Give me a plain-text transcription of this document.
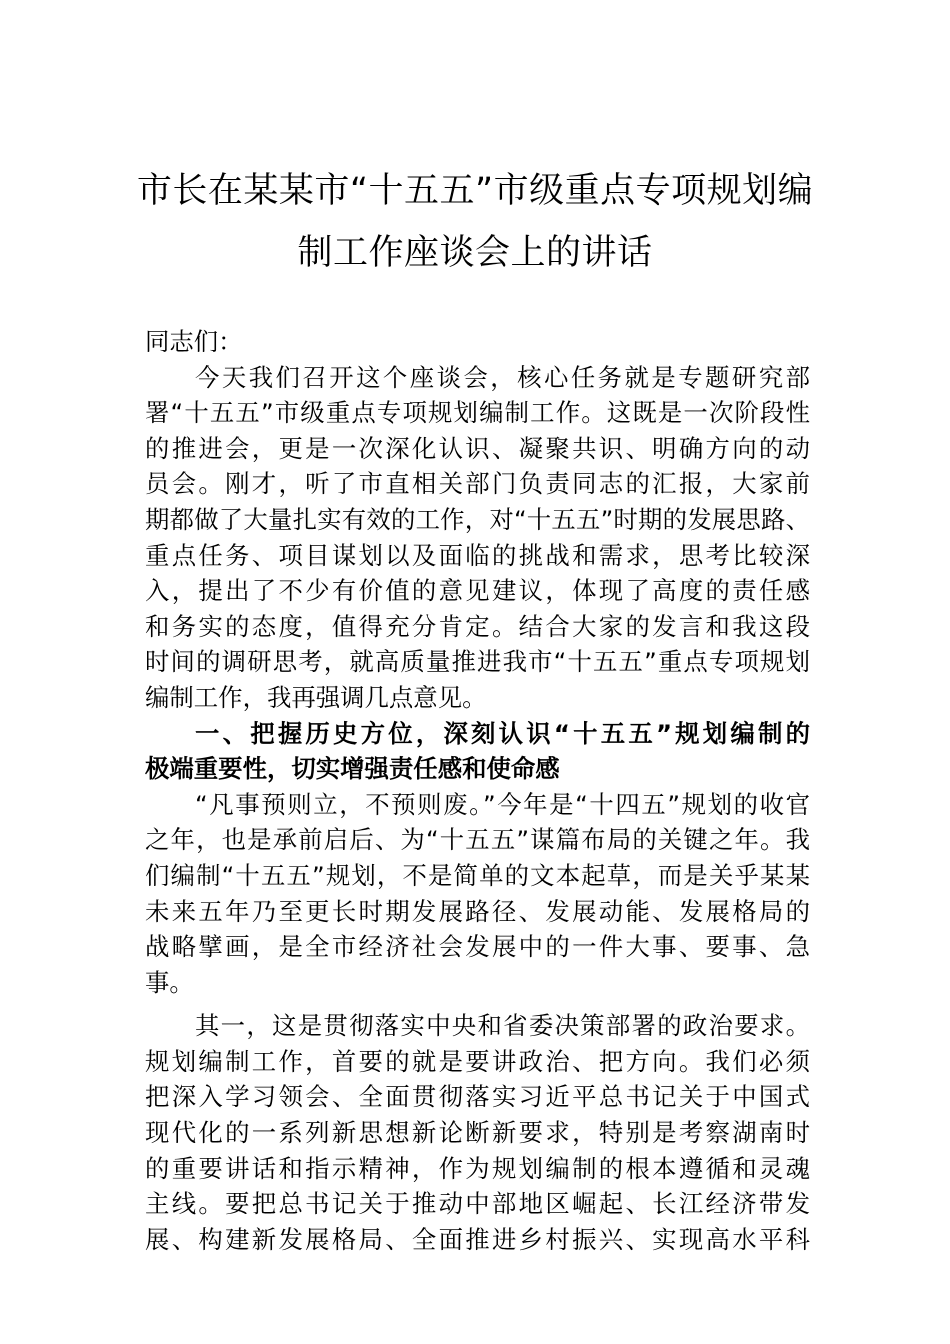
市长在某某市“十五五”市级重点专项规划编
制工作座谈会上的讲话
同志们：
今天我们召开这个座谈会，核心任务就是专题研究部
署“十五五”市级重点专项规划编制工作。这既是一次阶段性
的推进会，更是一次深化认识、凝聚共识、明确方向的动
员会。刚才，听了市直相关部门负责同志的汇报，大家前
期都做了大量扎实有效的工作，对“十五五”时期的发展思路、
重点任务、项目谋划以及面临的挑战和需求，思考比较深
入，提出了不少有价值的意见建议，体现了高度的责任感
和务实的态度，值得充分肯定。结合大家的发言和我这段
时间的调研思考，就高质量推进我市“十五五”重点专项规划
编制工作，我再强调几点意见。
一、把握历史方位，深刻认识“十五五”规划编制的
极端重要性，切实增强责任感和使命感
“凡事预则立，不预则废。”今年是“十四五”规划的收官
之年，也是承前启后、为“十五五”谋篇布局的关键之年。我
们编制“十五五”规划，不是简单的文本起草，而是关乎某某
未来五年乃至更长时期发展路径、发展动能、发展格局的
战略擘画，是全市经济社会发展中的一件大事、要事、急
事。
其一，这是贯彻落实中央和省委决策部署的政治要求。
规划编制工作，首要的就是要讲政治、把方向。我们必须
把深入学习领会、全面贯彻落实习近平总书记关于中国式
现代化的一系列新思想新论断新要求，特别是考察湖南时
的重要讲话和指示精神，作为规划编制的根本遵循和灵魂
主线。要把总书记关于推动中部地区崛起、长江经济带发
展、构建新发展格局、全面推进乡村振兴、实现高水平科
